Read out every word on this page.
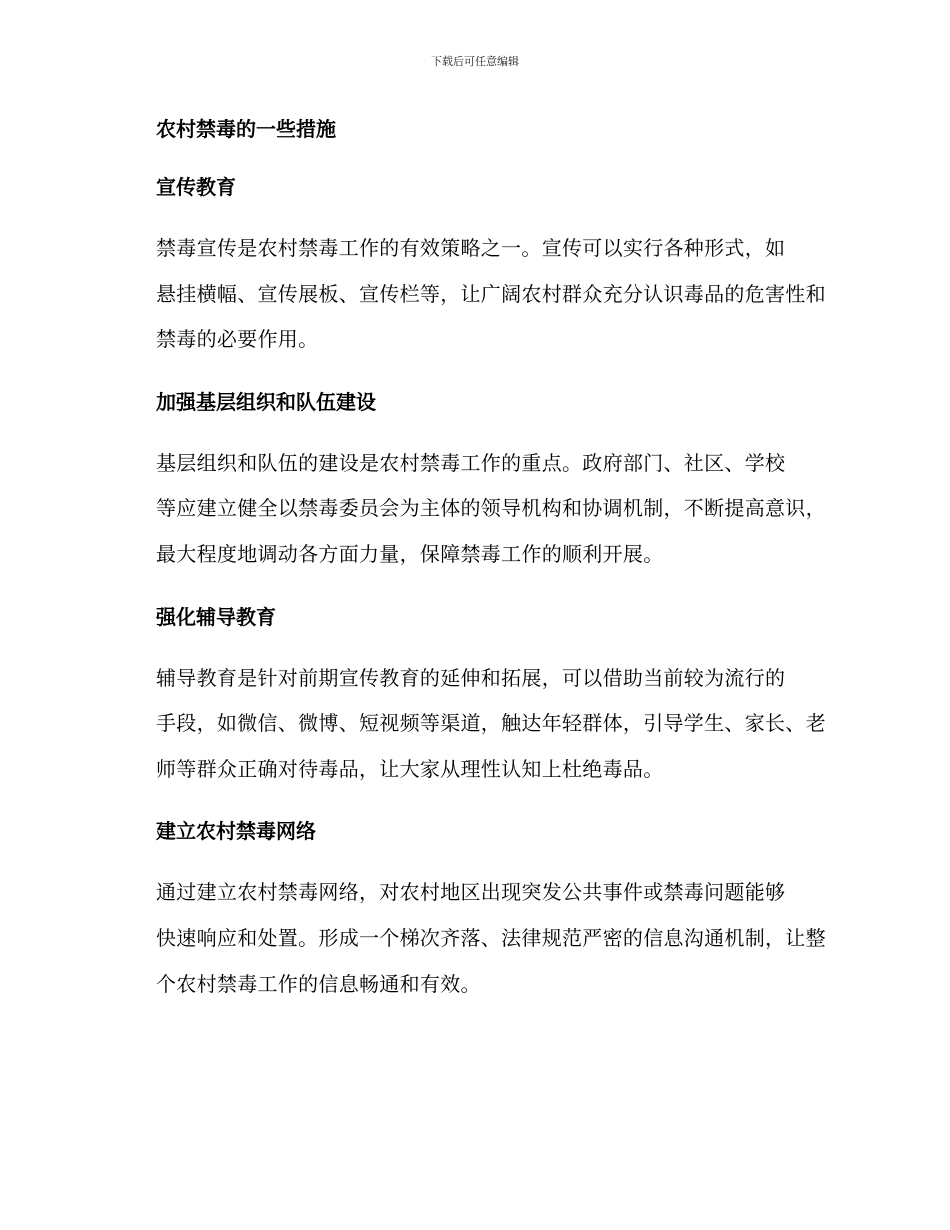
下载后可任意编辑
农村禁毒的一些措施
宣传教育

禁毒宣传是农村禁毒工作的有效策略之一。宣传可以实行各种形式，如
悬挂横幅、宣传展板、宣传栏等，让广阔农村群众充分认识毒品的危害性和
禁毒的必要作用。

加强基层组织和队伍建设

基层组织和队伍的建设是农村禁毒工作的重点。政府部门、社区、学校
等应建立健全以禁毒委员会为主体的领导机构和协调机制，不断提高意识，
最大程度地调动各方面力量，保障禁毒工作的顺利开展。

强化辅导教育

辅导教育是针对前期宣传教育的延伸和拓展，可以借助当前较为流行的
手段，如微信、微博、短视频等渠道，触达年轻群体，引导学生、家长、老
师等群众正确对待毒品，让大家从理性认知上杜绝毒品。

建立农村禁毒网络

通过建立农村禁毒网络，对农村地区出现突发公共事件或禁毒问题能够
快速响应和处置。形成一个梯次齐落、法律规范严密的信息沟通机制，让整
个农村禁毒工作的信息畅通和有效。
